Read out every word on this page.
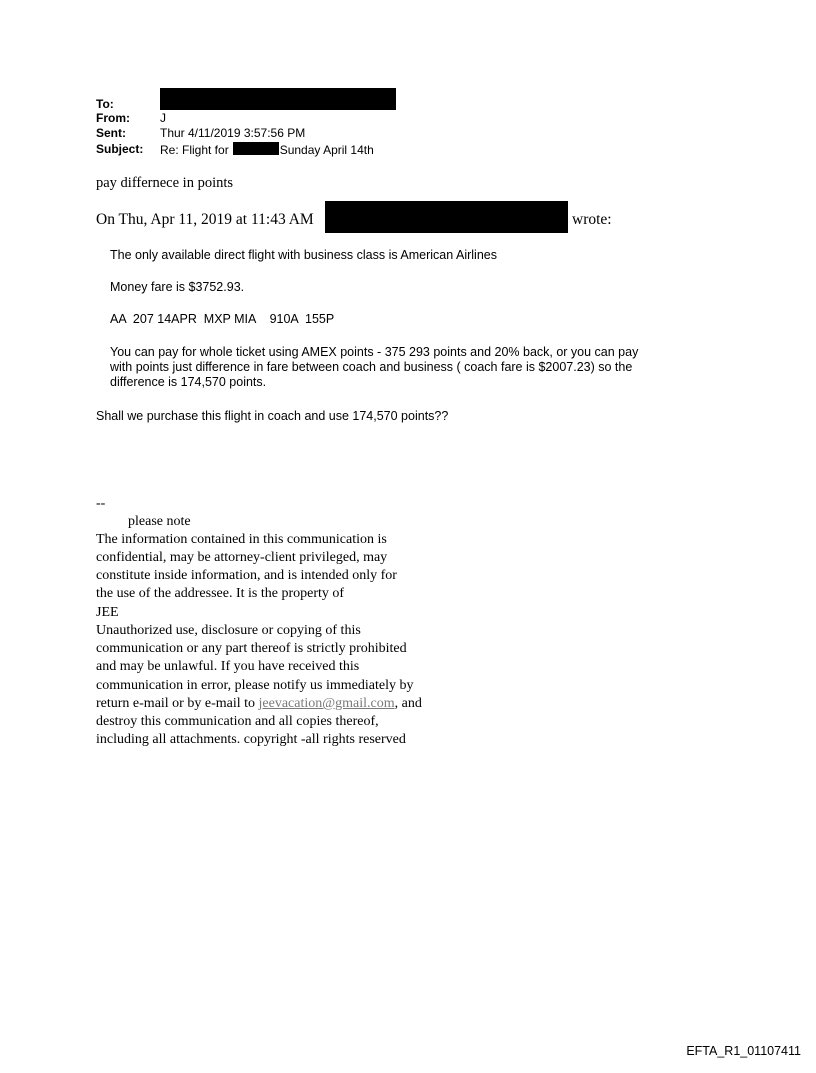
To:
From:	J
Sent:	Thur 4/11/2019 3:57:56 PM
Subject: Re: Flight for	Sunday April 14th
pay differnece in points
On Thu, Apr 11, 2019 at 11:43 AM	wrote:
The only available direct flight with business class is American Airlines
Money fare is $3752.93.
AA  207 14APR  MXP MIA    910A  155P
You can pay for whole ticket using AMEX points - 375 293 points and 20% back, or you can pay
with points just difference in fare between coach and business ( coach fare is $2007.23) so the
difference is 174,570 points.
Shall we purchase this flight in coach and use 174,570 points??
--
please note
The information contained in this communication is
confidential, may be attorney-client privileged, may
constitute inside information, and is intended only for
the use of the addressee. It is the property of
JEE
Unauthorized use, disclosure or copying of this
communication or any part thereof is strictly prohibited
and may be unlawful. If you have received this
communication in error, please notify us immediately by
return e-mail or by e-mail to jeevacation@gmail.com, and
destroy this communication and all copies thereof,
including all attachments. copyright -all rights reserved
EFTA_R1_01107411
